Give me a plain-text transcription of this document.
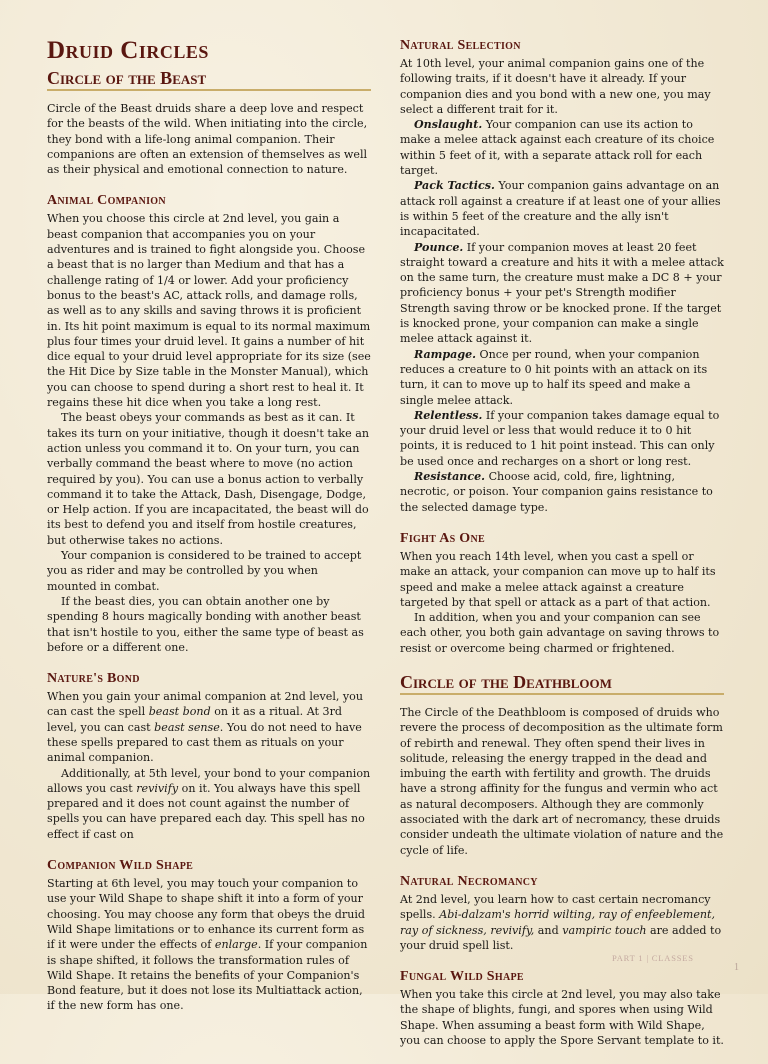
Druid Circles
Circle of the Beast

Circle of the Beast druids share a deep love and respect for the beasts of the wild. When initiating into the circle, they bond with a life-long animal companion. Their companions are often an extension of themselves as well as their physical and emotional connection to nature.

Animal Companion

When you choose this circle at 2nd level, you gain a beast companion that accompanies you on your adventures and is trained to fight alongside you. Choose a beast that is no larger than Medium and that has a challenge rating of 1/4 or lower. Add your proficiency bonus to the beast's AC, attack rolls, and damage rolls, as well as to any skills and saving throws it is proficient in. Its hit point maximum is equal to its normal maximum plus four times your druid level. It gains a number of hit dice equal to your druid level appropriate for its size (see the Hit Dice by Size table in the Monster Manual), which you can choose to spend during a short rest to heal it. It regains these hit dice when you take a long rest.

The beast obeys your commands as best as it can. It takes its turn on your initiative, though it doesn't take an action unless you command it to. On your turn, you can verbally command the beast where to move (no action required by you). You can use a bonus action to verbally command it to take the Attack, Dash, Disengage, Dodge, or Help action. If you are incapacitated, the beast will do its best to defend you and itself from hostile creatures, but otherwise takes no actions.

Your companion is considered to be trained to accept you as rider and may be controlled by you when mounted in combat.

If the beast dies, you can obtain another one by spending 8 hours magically bonding with another beast that isn't hostile to you, either the same type of beast as before or a different one.

Nature's Bond

When you gain your animal companion at 2nd level, you can cast the spell beast bond on it as a ritual. At 3rd level, you can cast beast sense. You do not need to have these spells prepared to cast them as rituals on your animal companion.

Additionally, at 5th level, your bond to your companion allows you cast revivify on it. You always have this spell prepared and it does not count against the number of spells you can have prepared each day. This spell has no effect if cast on

Companion Wild Shape

Starting at 6th level, you may touch your companion to use your Wild Shape to shape shift it into a form of your choosing. You may choose any form that obeys the druid Wild Shape limitations or to enhance its current form as if it were under the effects of enlarge. If your companion is shape shifted, it follows the transformation rules of Wild Shape. It retains the benefits of your Companion's Bond feature, but it does not lose its Multiattack action, if the new form has one.

Natural Selection

At 10th level, your animal companion gains one of the following traits, if it doesn't have it already. If your companion dies and you bond with a new one, you may select a different trait for it.

Onslaught. Your companion can use its action to make a melee attack against each creature of its choice within 5 feet of it, with a separate attack roll for each target.

Pack Tactics. Your companion gains advantage on an attack roll against a creature if at least one of your allies is within 5 feet of the creature and the ally isn't incapacitated.

Pounce. If your companion moves at least 20 feet straight toward a creature and hits it with a melee attack on the same turn, the creature must make a DC 8 + your proficiency bonus + your pet's Strength modifier Strength saving throw or be knocked prone. If the target is knocked prone, your companion can make a single melee attack against it.

Rampage. Once per round, when your companion reduces a creature to 0 hit points with an attack on its turn, it can to move up to half its speed and make a single melee attack.

Relentless. If your companion takes damage equal to your druid level or less that would reduce it to 0 hit points, it is reduced to 1 hit point instead. This can only be used once and recharges on a short or long rest.

Resistance. Choose acid, cold, fire, lightning, necrotic, or poison. Your companion gains resistance to the selected damage type.

Fight As One

When you reach 14th level, when you cast a spell or make an attack, your companion can move up to half its speed and make a melee attack against a creature targeted by that spell or attack as a part of that action.

In addition, when you and your companion can see each other, you both gain advantage on saving throws to resist or overcome being charmed or frightened.

Circle of the Deathbloom

The Circle of the Deathbloom is composed of druids who revere the process of decomposition as the ultimate form of rebirth and renewal. They often spend their lives in solitude, releasing the energy trapped in the dead and imbuing the earth with fertility and growth. The druids have a strong affinity for the fungus and vermin who act as natural decomposers. Although they are commonly associated with the dark art of necromancy, these druids consider undeath the ultimate violation of nature and the cycle of life.

Natural Necromancy

At 2nd level, you learn how to cast certain necromancy spells. Abi-dalzam's horrid wilting, ray of enfeeblement, ray of sickness, revivify, and vampiric touch are added to your druid spell list.

Fungal Wild Shape

When you take this circle at 2nd level, you may also take the shape of blights, fungi, and spores when using Wild Shape. When assuming a beast form with Wild Shape, you can choose to apply the Spore Servant template to it.

PART 1 | CLASSES
1
